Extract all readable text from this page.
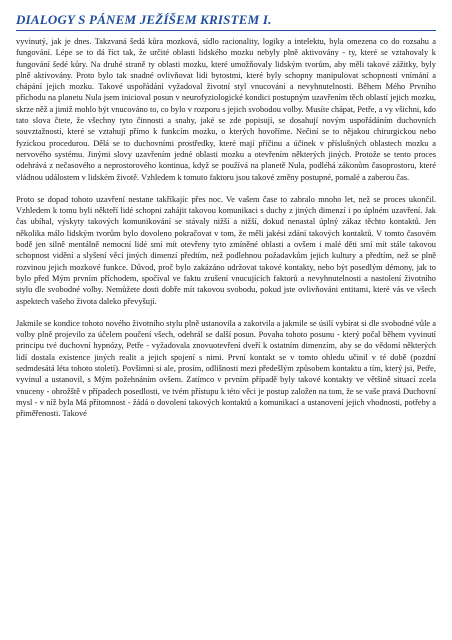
DIALOGY S PÁNEM JEŽÍŠEM KRISTEM I.

vyvinutý, jak je dnes. Takzvaná šedá kůra mozková, sídlo racionality, logiky a intelektu, byla omezena co do rozsahu a fungování. Lépe se to dá říct tak, že určité oblasti lidského mozku nebyly plně aktivovány - ty, které se vztahovaly k fungování šedé kůry. Na druhé straně ty oblasti mozku, které umožňovaly lidským tvorům, aby měli takové zážitky, byly plně aktivovány. Proto bylo tak snadné ovlivňovat lidi bytostmi, které byly schopny manipulovat schopnosti vnímání a chápání jejich mozku. Takové uspořádání vyžadoval životní styl vnucování a nevyhnutelnosti. Během Mého Prvního příchodu na planetu Nula jsem inicioval posun v neurofyziologické kondici postupným uzavřením těch oblastí jejich mozku, skrze něž a jimiž mohlo být vnucováno to, co bylo v rozporu s jejich svobodou volby. Musíte chápat, Petře, a vy všichni, kdo tato slova čtete, že všechny tyto činnosti a snahy, jaké se zde popisují, se dosahují novým uspořádáním duchovních souvztažností, které se vztahují přímo k funkcím mozku, o kterých hovoříme. Nečiní se to nějakou chirurgickou nebo fyzickou procedurou. Dělá se to duchovními prostředky, které mají příčinu a účinek v příslušných oblastech mozku a nervového systému. Jinými slovy uzavřením jedné oblasti mozku a otevřením některých jiných. Protože se tento proces odehrává z nečasového a neprostorového kontinua, když se používá na planetě Nula, podléhá zákonům časoprostoru, které vládnou událostem v lidském životě. Vzhledem k tomuto faktoru jsou takové změny postupné, pomalé a zaberou čas.

Proto se dopad tohoto uzavření nestane takříkajíc přes noc. Ve vašem čase to zabralo mnoho let, než se proces ukončil. Vzhledem k tomu byli někteří lidé schopni zahájit takovou komunikaci s duchy z jiných dimenzí i po úplném uzavření. Jak čas ubíhal, výskyty takových komunikování se stávaly nižší a nižší, dokud nenastal úplný zákaz těchto kontaktů. Jen několika málo lidským tvorům bylo dovoleno pokračovat v tom, že měli jakési zdání takových kontaktů. V tomto časovém bodě jen silně mentálně nemocní lidé smí mít otevřeny tyto zmíněné oblasti a ovšem i malé děti smí mít stále takovou schopnost vidění a slyšení věcí jiných dimenzí předtím, než podlehnou požadavkům jejich kultury a předtím, než se plně rozvinou jejich mozkové funkce. Důvod, proč bylo zakázáno udržovat takové kontakty, nebo být posedlým démony, jak to bylo před Mým prvním příchodem, spočíval ve faktu zrušení vnucujících faktorů a nevyhnutelnosti a nastolení životního stylu dle svobodné volby. Nemůžete dosti dobře mít takovou svobodu, pokud jste ovlivňováni entitami, které vás ve všech aspektech vašeho života daleko převyšují.

Jakmile se kondice tohoto nového životního stylu plně ustanovila a zakotvila a jakmile se úsilí vybírat si dle svobodné vůle a volby plně projevilo za účelem poučení všech, odehrál se další posun. Povaha tohoto posunu - který počal během vyvinutí principu tvé duchovní hypnózy, Petře - vyžadovala znovuotevření dveří k ostatním dimenzím, aby se do vědomí některých lidí dostala existence jiných realit a jejich spojení s nimi. První kontakt se v tomto ohledu učinil v té době (pozdní sedmdesátá léta tohoto století). Povšimni si ale, prosím, odlišnosti mezi předešlým způsobem kontaktu a tím, který jsi, Petře, vyvinul a ustanovil, s Mým požehnáním ovšem. Zatímco v prvním případě byly takové kontakty ve většině situací zcela vnuceny - ohrožště v případech posedlosti, ve tvém přístupu k této věci je postup založen na tom, že se vaše pravá Duchovní mysl - v níž byla Má přítomnost - žádá o dovolení takových kontaktů a komunikací a ustanovení jejich vhodnosti, potřeby a přiměřenosti. Takové
